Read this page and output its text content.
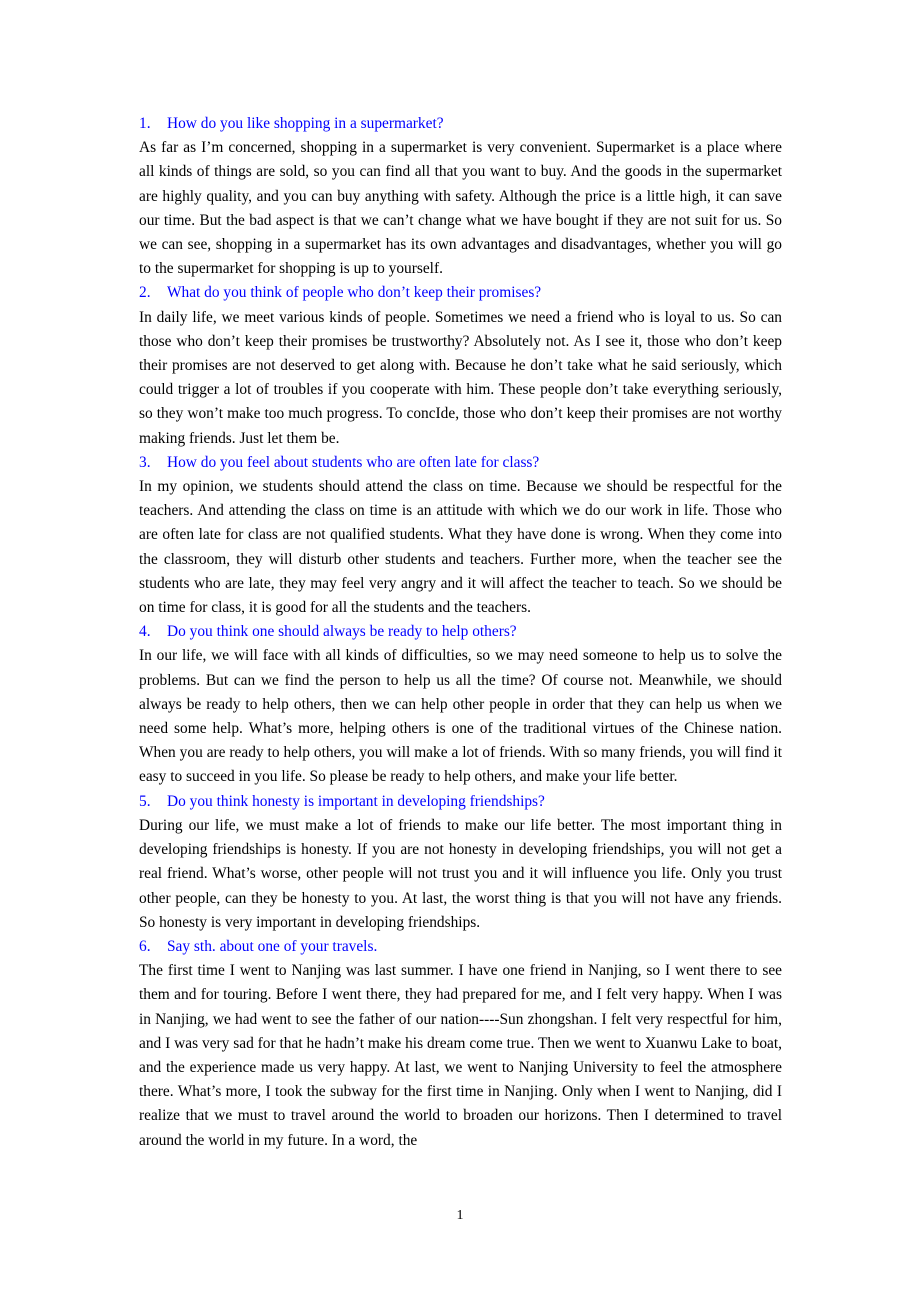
1. How do you like shopping in a supermarket?

As far as I’m concerned, shopping in a supermarket is very convenient. Supermarket is a place where all kinds of things are sold, so you can find all that you want to buy. And the goods in the supermarket are highly quality, and you can buy anything with safety. Although the price is a little high, it can save our time. But the bad aspect is that we can’t change what we have bought if they are not suit for us. So we can see, shopping in a supermarket has its own advantages and disadvantages, whether you will go to the supermarket for shopping is up to yourself.

2. What do you think of people who don’t keep their promises?

In daily life, we meet various kinds of people. Sometimes we need a friend who is loyal to us. So can those who don’t keep their promises be trustworthy? Absolutely not. As I see it, those who don’t keep their promises are not deserved to get along with. Because he don’t take what he said seriously, which could trigger a lot of troubles if you cooperate with him. These people don’t take everything seriously, so they won’t make too much progress. To concIde, those who don’t keep their promises are not worthy making friends. Just let them be.

3. How do you feel about students who are often late for class?

In my opinion, we students should attend the class on time. Because we should be respectful for the teachers. And attending the class on time is an attitude with which we do our work in life. Those who are often late for class are not qualified students. What they have done is wrong. When they come into the classroom, they will disturb other students and teachers. Further more, when the teacher see the students who are late, they may feel very angry and it will affect the teacher to teach. So we should be on time for class, it is good for all the students and the teachers.

4. Do you think one should always be ready to help others?

In our life, we will face with all kinds of difficulties, so we may need someone to help us to solve the problems. But can we find the person to help us all the time? Of course not. Meanwhile, we should always be ready to help others, then we can help other people in order that they can help us when we need some help. What’s more, helping others is one of the traditional virtues of the Chinese nation. When you are ready to help others, you will make a lot of friends. With so many friends, you will find it easy to succeed in you life. So please be ready to help others, and make your life better.

5. Do you think honesty is important in developing friendships?

During our life, we must make a lot of friends to make our life better. The most important thing in developing friendships is honesty. If you are not honesty in developing friendships, you will not get a real friend. What’s worse, other people will not trust you and it will influence you life. Only you trust other people, can they be honesty to you. At last, the worst thing is that you will not have any friends. So honesty is very important in developing friendships.

6. Say sth. about one of your travels.

The first time I went to Nanjing was last summer. I have one friend in Nanjing, so I went there to see them and for touring. Before I went there, they had prepared for me, and I felt very happy. When I was in Nanjing, we had went to see the father of our nation----Sun zhongshan. I felt very respectful for him, and I was very sad for that he hadn’t make his dream come true. Then we went to Xuanwu Lake to boat, and the experience made us very happy. At last, we went to Nanjing University to feel the atmosphere there. What’s more, I took the subway for the first time in Nanjing. Only when I went to Nanjing, did I realize that we must to travel around the world to broaden our horizons. Then I determined to travel around the world in my future. In a word, the

1
